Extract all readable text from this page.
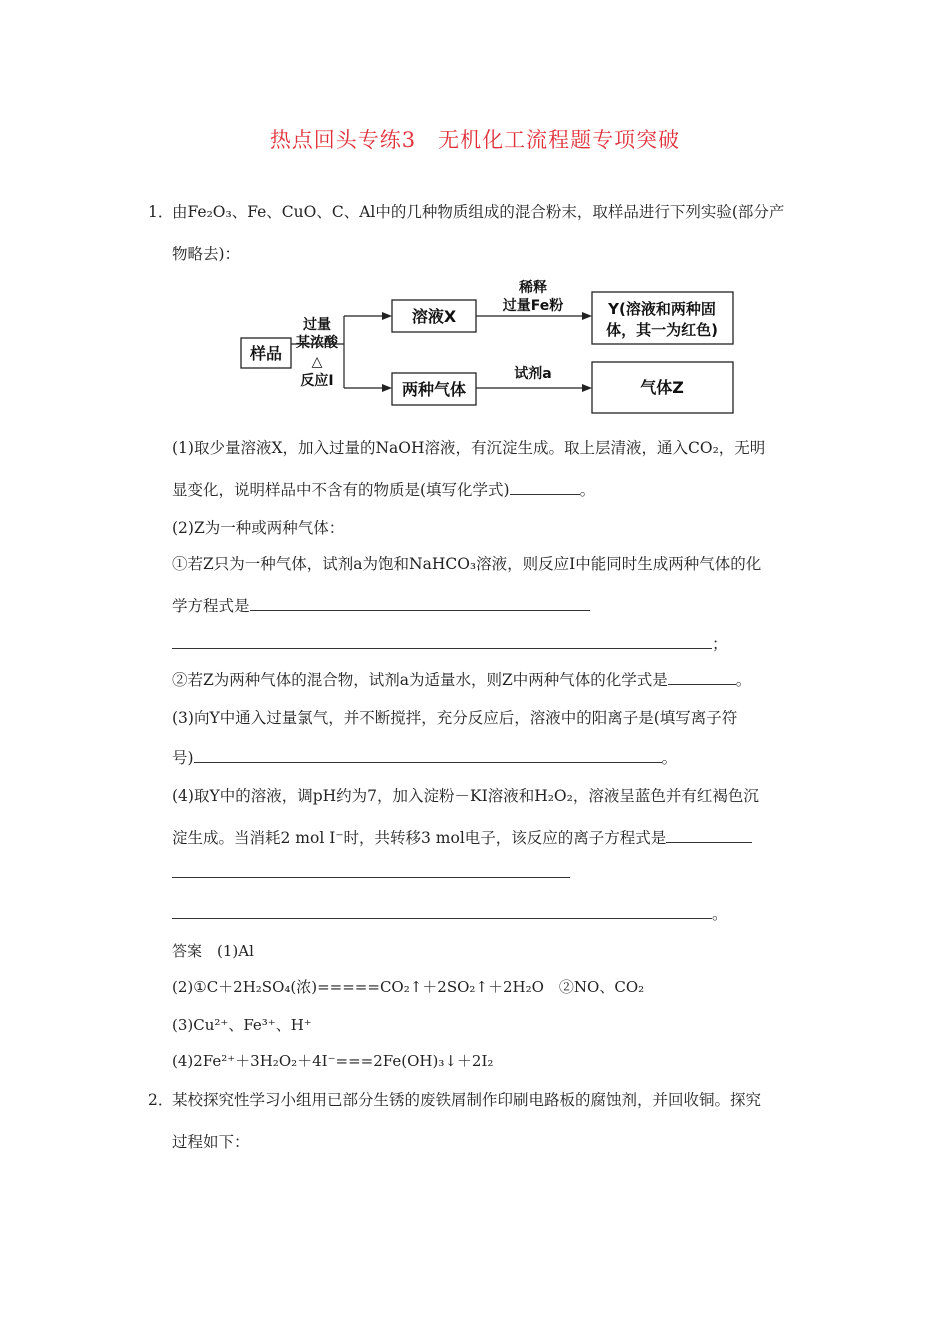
热点回头专练3　无机化工流程题专项突破
1．
由Fe₂O₃、Fe、CuO、C、Al中的几种物质组成的混合粉末，取样品进行下列实验(部分产
物略去)：
样品
过量
某浓酸
△
反应Ⅰ
溶液X
稀释
过量Fe粉	Y(溶液和两种固
体，其一为红色)
两种气体
试剂a
气体Z
(1)取少量溶液X，加入过量的NaOH溶液，有沉淀生成。取上层清液，通入CO₂，无明
显变化，说明样品中不含有的物质是(填写化学式)	。
(2)Z为一种或两种气体：
①若Z只为一种气体，试剂a为饱和NaHCO₃溶液，则反应Ⅰ中能同时生成两种气体的化
学方程式是
；
②若Z为两种气体的混合物，试剂a为适量水，则Z中两种气体的化学式是	。
(3)向Y中通入过量氯气，并不断搅拌，充分反应后，溶液中的阳离子是(填写离子符
号)	。
(4)取Y中的溶液，调pH约为7，加入淀粉－KI溶液和H₂O₂，溶液呈蓝色并有红褐色沉
淀生成。当消耗2 mol I⁻时，共转移3 mol电子，该反应的离子方程式是
。
答案　 (1)Al
(2)①C＋2H₂SO₄(浓)=====CO₂↑＋2SO₂↑＋2H₂O　②NO、CO₂
(3)Cu²⁺、Fe³⁺、H⁺
(4)2Fe²⁺＋3H₂O₂＋4I⁻===2Fe(OH)₃↓＋2I₂
2．
某校探究性学习小组用已部分生锈的废铁屑制作印刷电路板的腐蚀剂，并回收铜。探究
过程如下：
